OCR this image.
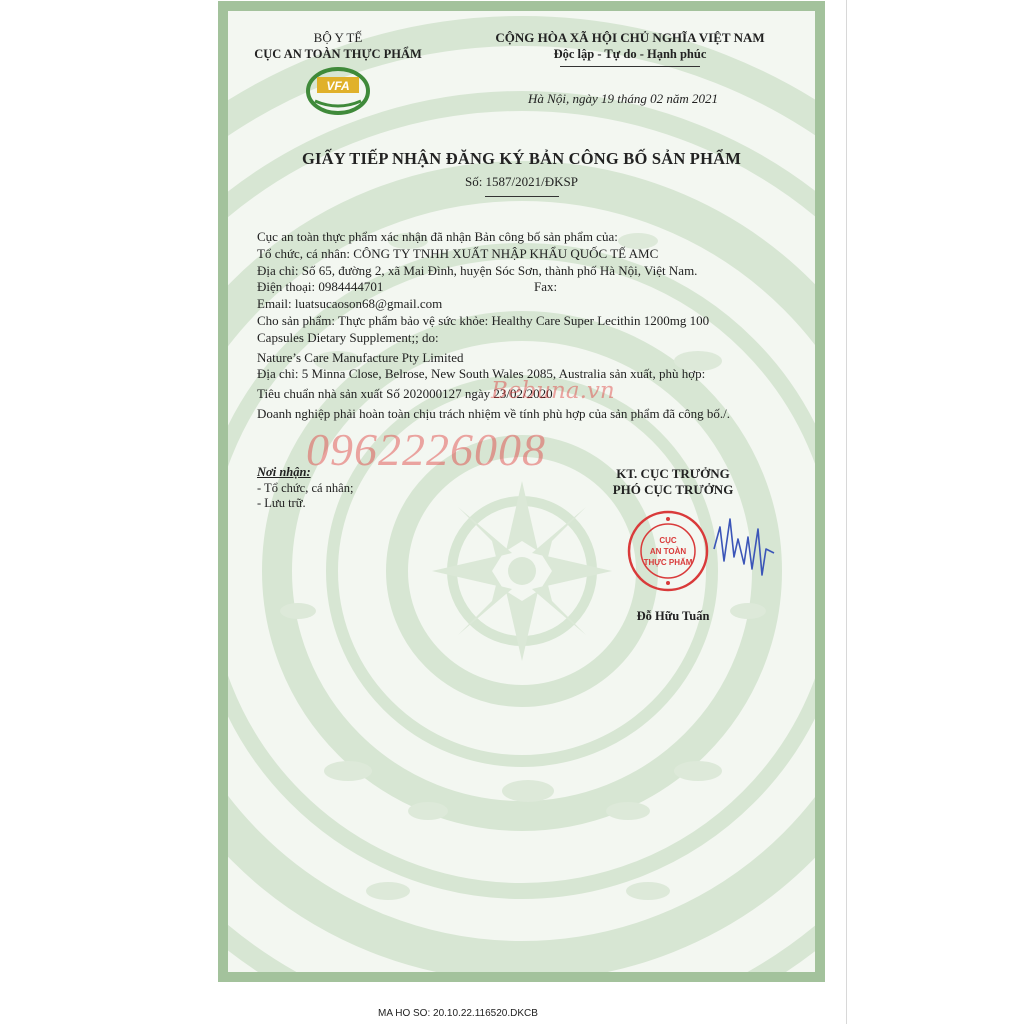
BỘ Y TẾ
CỤC AN TOÀN THỰC PHẨM
VFA
CỘNG HÒA XÃ HỘI CHỦ NGHĨA VIỆT NAM
Độc lập - Tự do - Hạnh phúc
Hà Nội, ngày 19 tháng 02 năm 2021
GIẤY TIẾP NHẬN ĐĂNG KÝ BẢN CÔNG BỐ SẢN PHẨM
Số: 1587/2021/ĐKSP

Cục an toàn thực phẩm xác nhận đã nhận Bản công bố sản phẩm của:

Tổ chức, cá nhân: CÔNG TY TNHH XUẤT NHẬP KHẨU QUỐC TẾ AMC

Địa chỉ: Số 65, đường 2, xã Mai Đình, huyện Sóc Sơn, thành phố Hà Nội, Việt Nam.

Điện thoại: 0984444701	Fax:

Email: luatsucaoson68@gmail.com

Cho sản phẩm: Thực phẩm bảo vệ sức khỏe: Healthy Care Super Lecithin 1200mg 100

Capsules Dietary Supplement;; do:

Nature’s Care Manufacture Pty Limited

Địa chỉ: 5 Minna Close, Belrose, New South Wales 2085, Australia sản xuất, phù hợp:

Tiêu chuẩn nhà sản xuất Số 202000127 ngày 23/02/2020

Doanh nghiệp phải hoàn toàn chịu trách nhiệm về tính phù hợp của sản phẩm đã công bố./.

Nơi nhận:
- Tổ chức, cá nhân;
- Lưu trữ.
KT. CỤC TRƯỞNG
PHÓ CỤC TRƯỞNG
CỤC
AN TOÀN
THỰC PHẨM
Đỗ Hữu Tuấn
Bebuna.vn
0962226008
MA HO SO: 20.10.22.116520.DKCB
